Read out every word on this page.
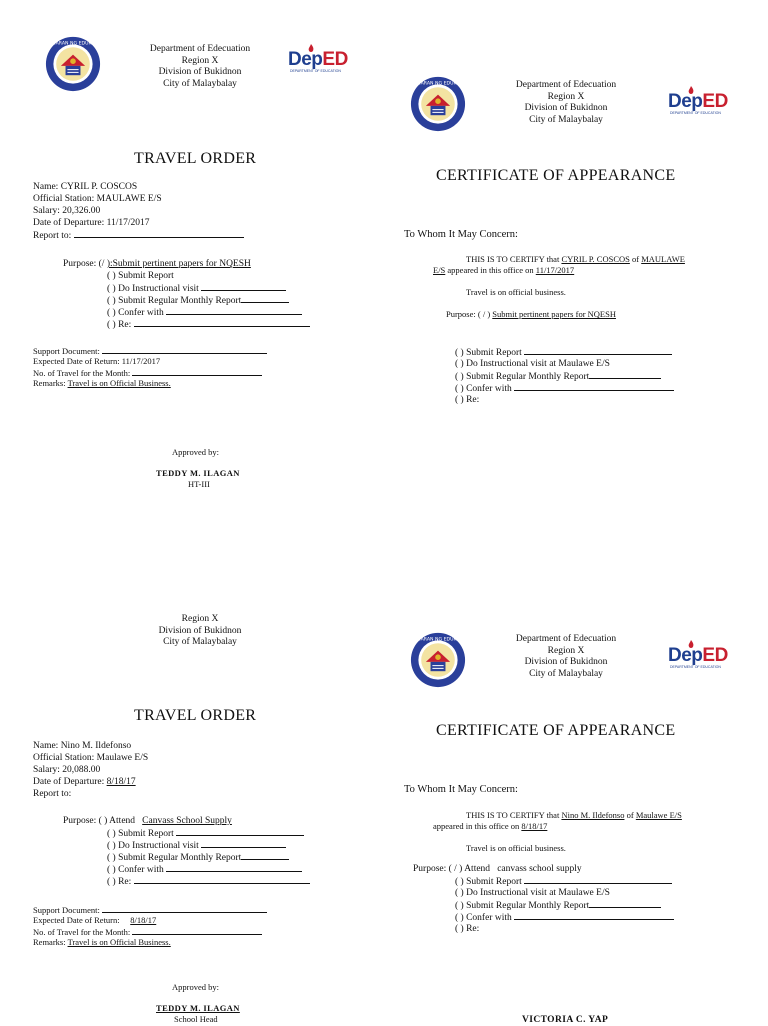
Department of Edecuation
Region X
Division of Bukidnon
City of Malaybalay
DepED
DEPARTMENT OF EDUCATION
Department of Edecuation
Region X
Division of Bukidnon
City of Malaybalay
DepED
DEPARTMENT OF EDUCATION
TRAVEL ORDER
Name: CYRIL P. COSCOS
Official Station: MAULAWE E/S
Salary: 20,326.00
Date of Departure: 11/17/2017
Report to:
Purpose: (/ ):Submit pertinent papers for NQESH
( ) Submit Report
( ) Do Instructional visit
( ) Submit Regular Monthly Report
( ) Confer with
( ) Re:
Support Document:
Expected Date of Return: 11/17/2017
No. of Travel for the Month:
Remarks: Travel is on Official Business.
Approved by:
TEDDY M. ILAGAN
HT-III
CERTIFICATE OF APPEARANCE
To Whom It May Concern:
THIS IS TO CERTIFY that CYRIL P. COSCOS of MAULAWE
E/S appeared in this office on 11/17/2017
Travel is on official business.
Purpose: ( / ) Submit pertinent papers for NQESH
( ) Submit Report
( ) Do Instructional visit at Maulawe E/S
( ) Submit Regular Monthly Report
( ) Confer with
( ) Re:
Region X
Division of Bukidnon
City of Malaybalay	Department of Edecuation
Region X
Division of Bukidnon
City of Malaybalay
DepED
DEPARTMENT OF EDUCATION
TRAVEL ORDER
Name: Nino M. Ildefonso
Official Station: Maulawe E/S
Salary: 20,088.00
Date of Departure: 8/18/17
Report to:
Purpose: ( ) Attend Canvass School Supply
( ) Submit Report
( ) Do Instructional visit
( ) Submit Regular Monthly Report
( ) Confer with
( ) Re:
Support Document:
Expected Date of Return: 8/18/17
No. of Travel for the Month:
Remarks: Travel is on Official Business.
Approved by:
TEDDY M. ILAGAN
School Head
CERTIFICATE OF APPEARANCE
To Whom It May Concern:
THIS IS TO CERTIFY that Nino M. Ildefonso of Maulawe E/S
appeared in this office on 8/18/17
Travel is on official business.
Purpose: ( / ) Attend canvass school supply
( ) Submit Report
( ) Do Instructional visit at Maulawe E/S
( ) Submit Regular Monthly Report
( ) Confer with
( ) Re:
VICTORIA C. YAP
